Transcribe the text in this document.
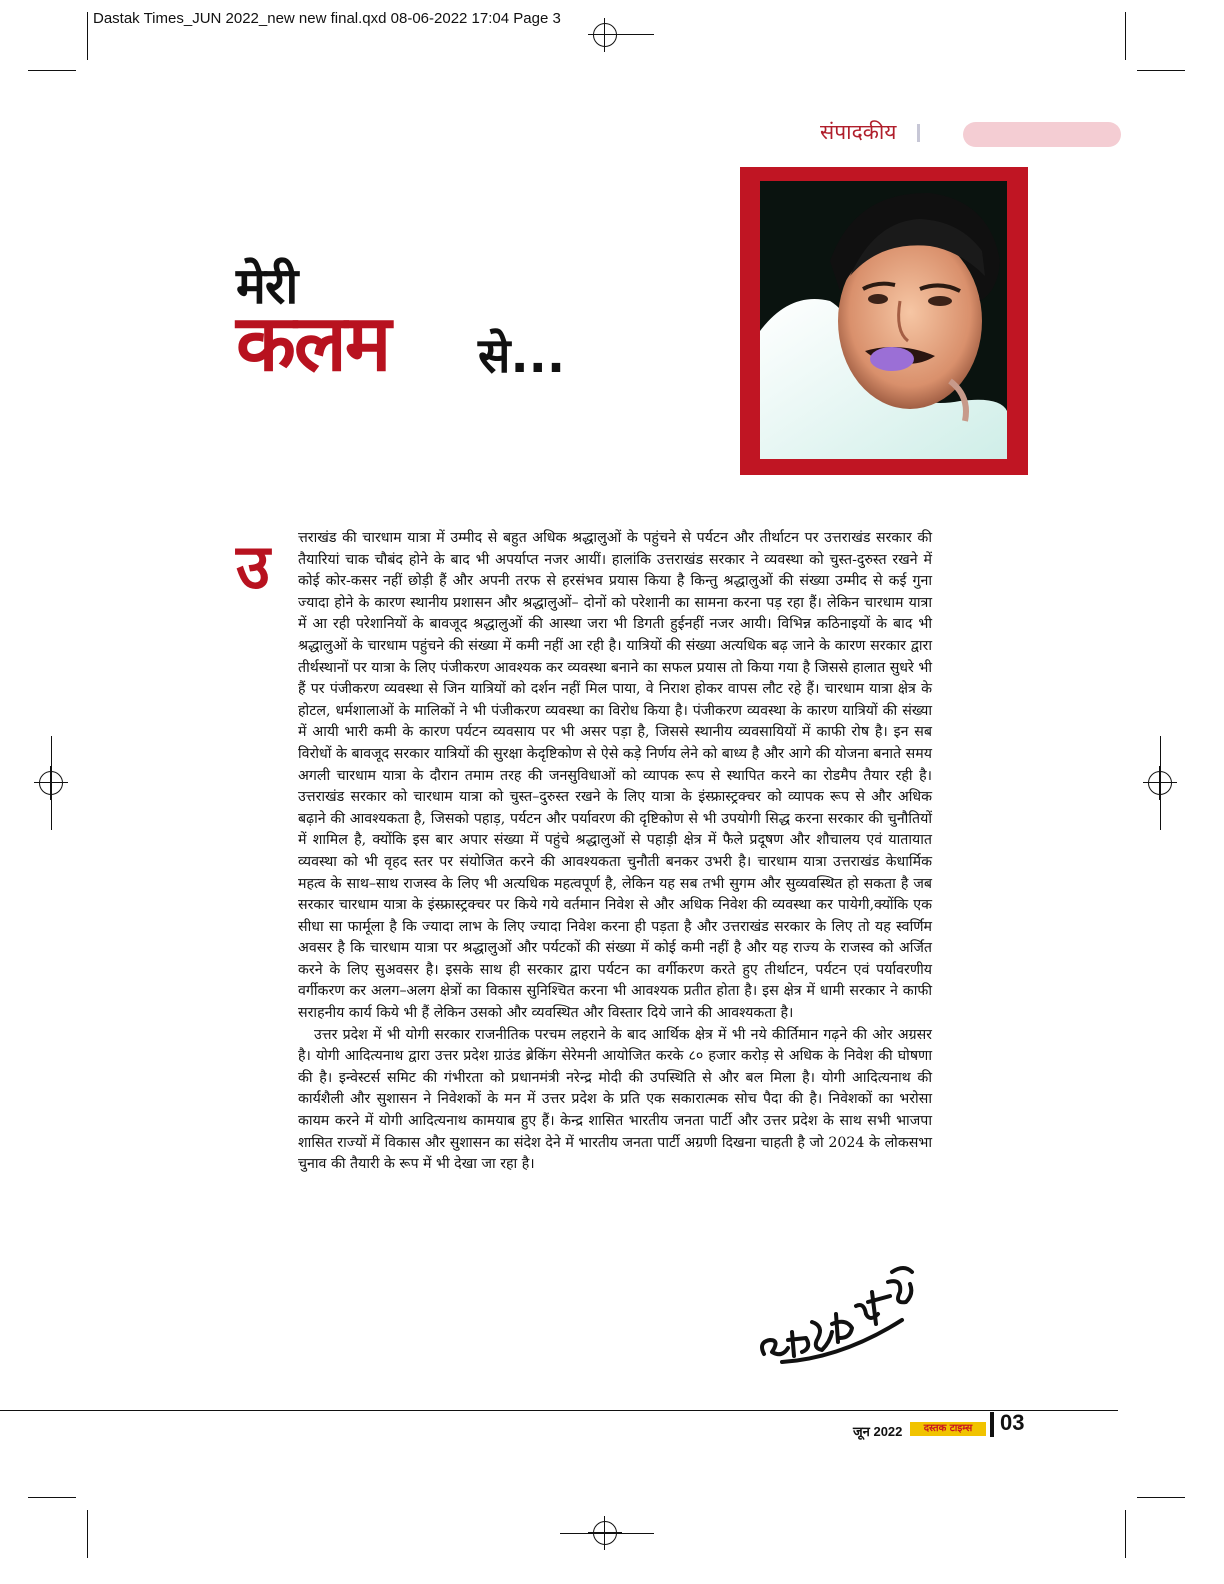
Dastak Times_JUN 2022_new new final.qxd 08-06-2022 17:04 Page 3
संपादकीय
मेरी
कलम से...
उ त्तराखंड की चारधाम यात्रा में उम्मीद से बहुत अधिक श्रद्धालुओं के पहुंचने से पर्यटन और तीर्थाटन पर उत्तराखंड सरकार की तैयारियां चाक चौबंद होने के बाद भी अपर्याप्त नजर आयीं। हालांकि उत्तराखंड सरकार ने व्यवस्था को चुस्त-दुरुस्त रखने में कोई कोर-कसर नहीं छोड़ी हैं और अपनी तरफ से हरसंभव प्रयास किया है किन्तु श्रद्धालुओं की संख्या उम्मीद से कई गुना ज्यादा होने के कारण स्थानीय प्रशासन और श्रद्धालुओं– दोनों को परेशानी का सामना करना पड़ रहा हैं। लेकिन चारधाम यात्रा में आ रही परेशानियों के बावजूद श्रद्धालुओं की आस्था जरा भी डिगती हुईनहीं नजर आयी। विभिन्न कठिनाइयों के बाद भी श्रद्धालुओं के चारधाम पहुंचने की संख्या में कमी नहीं आ रही है। यात्रियों की संख्या अत्यधिक बढ़ जाने के कारण सरकार द्वारा तीर्थस्थानों पर यात्रा के लिए पंजीकरण आवश्यक कर व्यवस्था बनाने का सफल प्रयास तो किया गया है जिससे हालात सुधरे भी हैं पर पंजीकरण व्यवस्था से जिन यात्रियों को दर्शन नहीं मिल पाया, वे निराश होकर वापस लौट रहे हैं। चारधाम यात्रा क्षेत्र के होटल, धर्मशालाओं के मालिकों ने भी पंजीकरण व्यवस्था का विरोध किया है। पंजीकरण व्यवस्था के कारण यात्रियों की संख्या में आयी भारी कमी के कारण पर्यटन व्यवसाय पर भी असर पड़ा है, जिससे स्थानीय व्यवसायियों में काफी रोष है। इन सब विरोधों के बावजूद सरकार यात्रियों की सुरक्षा केदृष्टिकोण से ऐसे कड़े निर्णय लेने को बाध्य है और आगे की योजना बनाते समय अगली चारधाम यात्रा के दौरान तमाम तरह की जनसुविधाओं को व्यापक रूप से स्थापित करने का रोडमैप तैयार रही है। उत्तराखंड सरकार को चारधाम यात्रा को चुस्त–दुरुस्त रखने के लिए यात्रा के इंस्फ्रास्ट्रक्चर को व्यापक रूप से और अधिक बढ़ाने की आवश्यकता है, जिसको पहाड़, पर्यटन और पर्यावरण की दृष्टिकोण से भी उपयोगी सिद्ध करना सरकार की चुनौतियों में शामिल है, क्योंकि इस बार अपार संख्या में पहुंचे श्रद्धालुओं से पहाड़ी क्षेत्र में फैले प्रदूषण और शौचालय एवं यातायात व्यवस्था को भी वृहद स्तर पर संयोजित करने की आवश्यकता चुनौती बनकर उभरी है। चारधाम यात्रा उत्तराखंड केधार्मिक महत्व के साथ–साथ राजस्व के लिए भी अत्यधिक महत्वपूर्ण है, लेकिन यह सब तभी सुगम और सुव्यवस्थित हो सकता है जब सरकार चारधाम यात्रा के इंस्फ्रास्ट्रक्चर पर किये गये वर्तमान निवेश से और अधिक निवेश की व्यवस्था कर पायेगी,क्योंकि एक सीधा सा फार्मूला है कि ज्यादा लाभ के लिए ज्यादा निवेश करना ही पड़ता है और उत्तराखंड सरकार के लिए तो यह स्वर्णिम अवसर है कि चारधाम यात्रा पर श्रद्धालुओं और पर्यटकों की संख्या में कोई कमी नहीं है और यह राज्य के राजस्व को अर्जित करने के लिए सुअवसर है। इसके साथ ही सरकार द्वारा पर्यटन का वर्गीकरण करते हुए तीर्थाटन, पर्यटन एवं पर्यावरणीय वर्गीकरण कर अलग–अलग क्षेत्रों का विकास सुनिश्चित करना भी आवश्यक प्रतीत होता है। इस क्षेत्र में धामी सरकार ने काफी सराहनीय कार्य किये भी हैं लेकिन उसको और व्यवस्थित और विस्तार दिये जाने की आवश्यकता है।

उत्तर प्रदेश में भी योगी सरकार राजनीतिक परचम लहराने के बाद आर्थिक क्षेत्र में भी नये कीर्तिमान गढ़ने की ओर अग्रसर है। योगी आदित्यनाथ द्वारा उत्तर प्रदेश ग्राउंड ब्रेकिंग सेरेमनी आयोजित करके ८० हजार करोड़ से अधिक के निवेश की घोषणा की है। इन्वेस्टर्स समिट की गंभीरता को प्रधानमंत्री नरेन्द्र मोदी की उपस्थिति से और बल मिला है। योगी आदित्यनाथ की कार्यशैली और सुशासन ने निवेशकों के मन में उत्तर प्रदेश के प्रति एक सकारात्मक सोच पैदा की है। निवेशकों का भरोसा कायम करने में योगी आदित्यनाथ कामयाब हुए हैं। केन्द्र शासित भारतीय जनता पार्टी और उत्तर प्रदेश के साथ सभी भाजपा शासित राज्यों में विकास और सुशासन का संदेश देने में भारतीय जनता पार्टी अग्रणी दिखना चाहती है जो 2024 के लोकसभा चुनाव की तैयारी के रूप में भी देखा जा रहा है।

जून 2022	दस्तक टाइम्स	03
